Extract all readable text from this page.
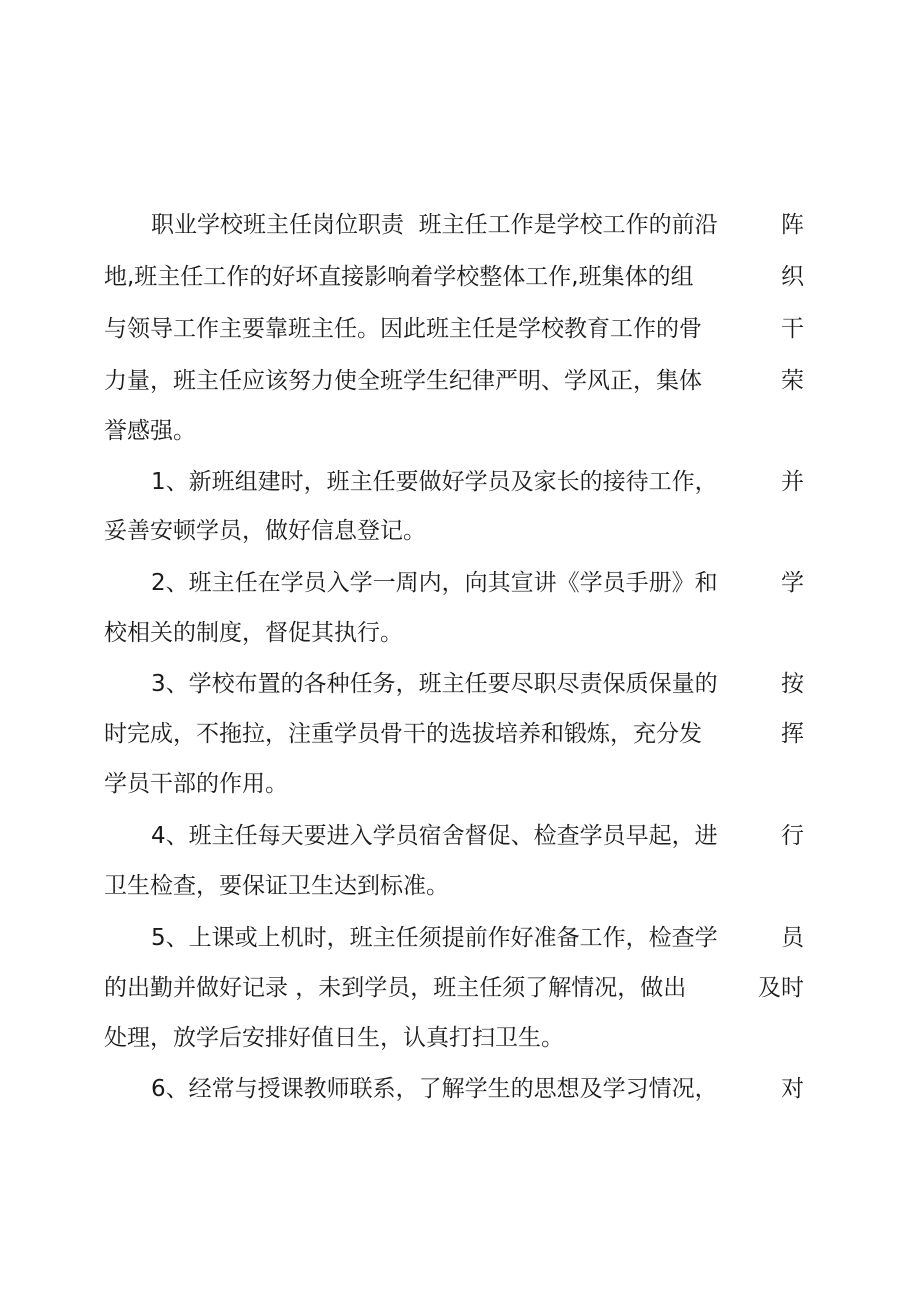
职业学校班主任岗位职责  班主任工作是学校工作的前沿

	阵

地,班主任工作的好坏直接影响着学校整体工作,班集体的组

	织

与领导工作主要靠班主任。因此班主任是学校教育工作的骨

	干

力量，班主任应该努力使全班学生纪律严明、学风正，集体

	荣

誉感强。

1、新班组建时，班主任要做好学员及家长的接待工作，

	并

妥善安顿学员，做好信息登记。

2、班主任在学员入学一周内，向其宣讲《学员手册》和

	学

校相关的制度，督促其执行。

3、学校布置的各种任务，班主任要尽职尽责保质保量的

	按

时完成，不拖拉，注重学员骨干的选拔培养和锻炼，充分发

	挥

学员干部的作用。

4、班主任每天要进入学员宿舍督促、检查学员早起，进

	行

卫生检查，要保证卫生达到标准。

5、上课或上机时，班主任须提前作好准备工作，检查学

	员

的出勤并做好记录 ，未到学员，班主任须了解情况，做出

	及时

处理，放学后安排好值日生，认真打扫卫生。

6、经常与授课教师联系，了解学生的思想及学习情况，

	对
